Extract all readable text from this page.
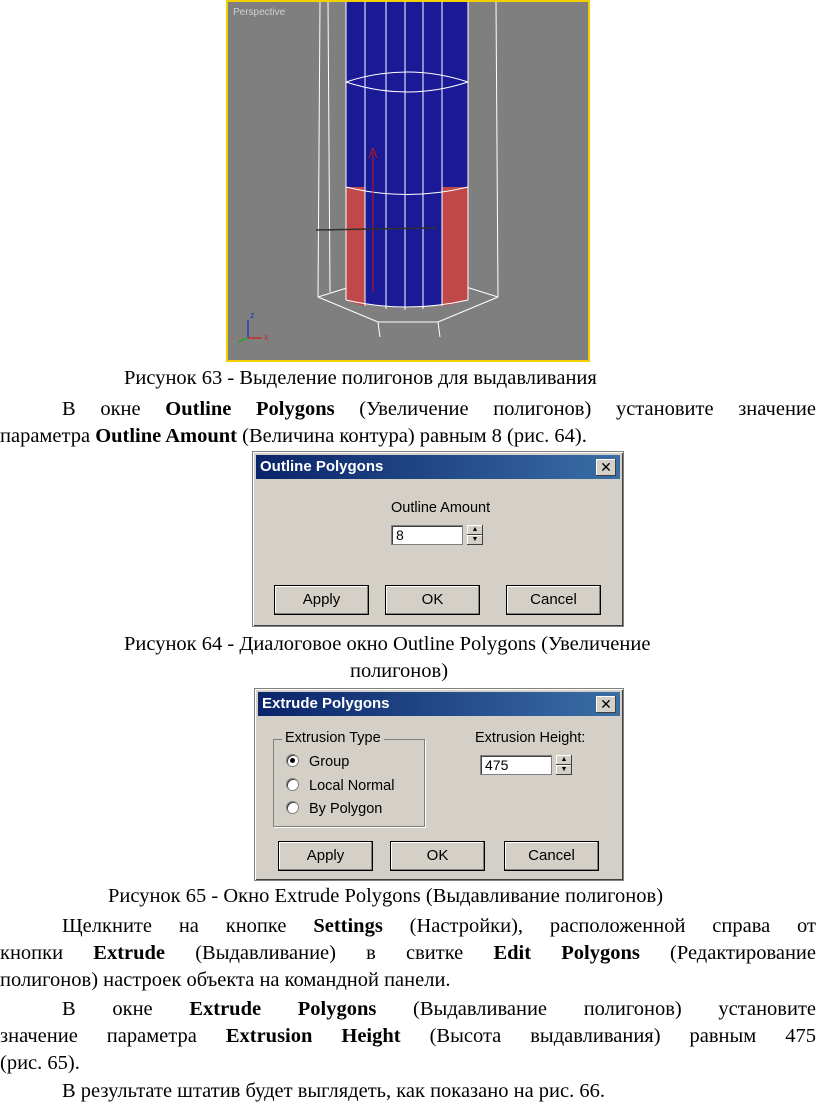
Perspective
z
x
Рисунок 63 - Выделение полигонов для выдавливания
В окне Outline Polygons (Увеличение полигонов) установите значение
параметра Outline Amount (Величина контура) равным 8 (рис. 64).
Outline Polygons	✕
Outline Amount
8	▲
▼
Apply	OK	Cancel
Рисунок 64 - Диалоговое окно Outline Polygons (Увеличение
полигонов)
Extrude Polygons	✕
Extrusion Type
Group
Local Normal
By Polygon
Extrusion Height:
475	▲
▼
Apply	OK	Cancel
Рисунок 65 - Окно Extrude Polygons (Выдавливание полигонов)
Щелкните на кнопке Settings (Настройки), расположенной справа от
кнопки Extrude (Выдавливание) в свитке Edit Polygons (Редактирование
полигонов) настроек объекта на командной панели.
В окне Extrude Polygons (Выдавливание полигонов) установите
значение параметра Extrusion Height (Высота выдавливания) равным 475
(рис. 65).
В результате штатив будет выглядеть, как показано на рис. 66.
